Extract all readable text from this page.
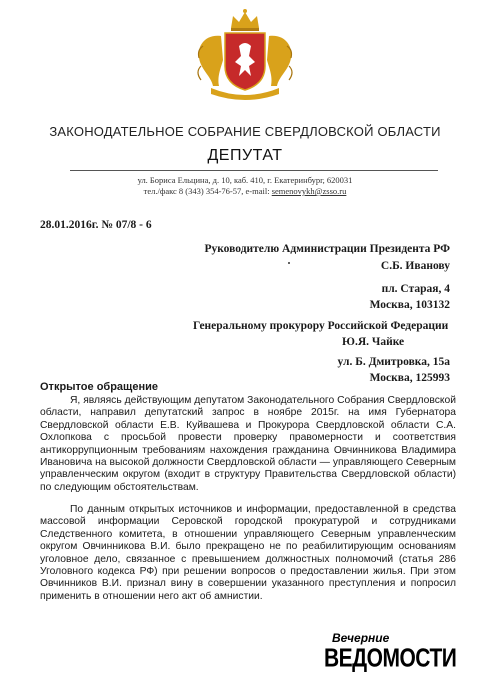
ЗАКОНОДАТЕЛЬНОЕ СОБРАНИЕ СВЕРДЛОВСКОЙ ОБЛАСТИ
ДЕПУТАТ
ул. Бориса Ельцина, д. 10, каб. 410, г. Екатеринбург, 620031
тел./факс 8 (343) 354-76-57, e-mail: semenovykh@zsso.ru
28.01.2016г. № 07/8 - 6
Руководителю Администрации Президента РФ
С.Б. Иванову
пл. Старая, 4
Москва, 103132
Генеральному прокурору Российской Федерации
Ю.Я. Чайке
ул. Б. Дмитровка, 15а
Москва, 125993
Открытое обращение

Я, являясь действующим депутатом Законодательного Собрания Свердловской области, направил депутатский запрос в ноябре 2015г. на имя Губернатора Свердловской области Е.В. Куйвашева и Прокурора Свердловской области С.А. Охлопкова с просьбой провести проверку правомерности и соответствия антикоррупционным требованиям нахождения гражданина Овчинникова Владимира Ивановича на высокой должности Свердловской области — управляющего Северным управленческим округом (входит в структуру Правительства Свердловской области) по следующим обстоятельствам.

По данным открытых источников и информации, предоставленной в средства массовой информации Серовской городской прокуратурой и сотрудниками Следственного комитета, в отношении управляющего Северным управленческим округом Овчинникова В.И. было прекращено не по реабилитирующим основаниям уголовное дело, связанное с превышением должностных полномочий (статья 286 Уголовного кодекса РФ) при решении вопросов о предоставлении жилья. При этом Овчинников В.И. признал вину в совершении указанного преступления и попросил применить в отношении него акт об амнистии.

Вечерние
ВЕДОМОСТИ
